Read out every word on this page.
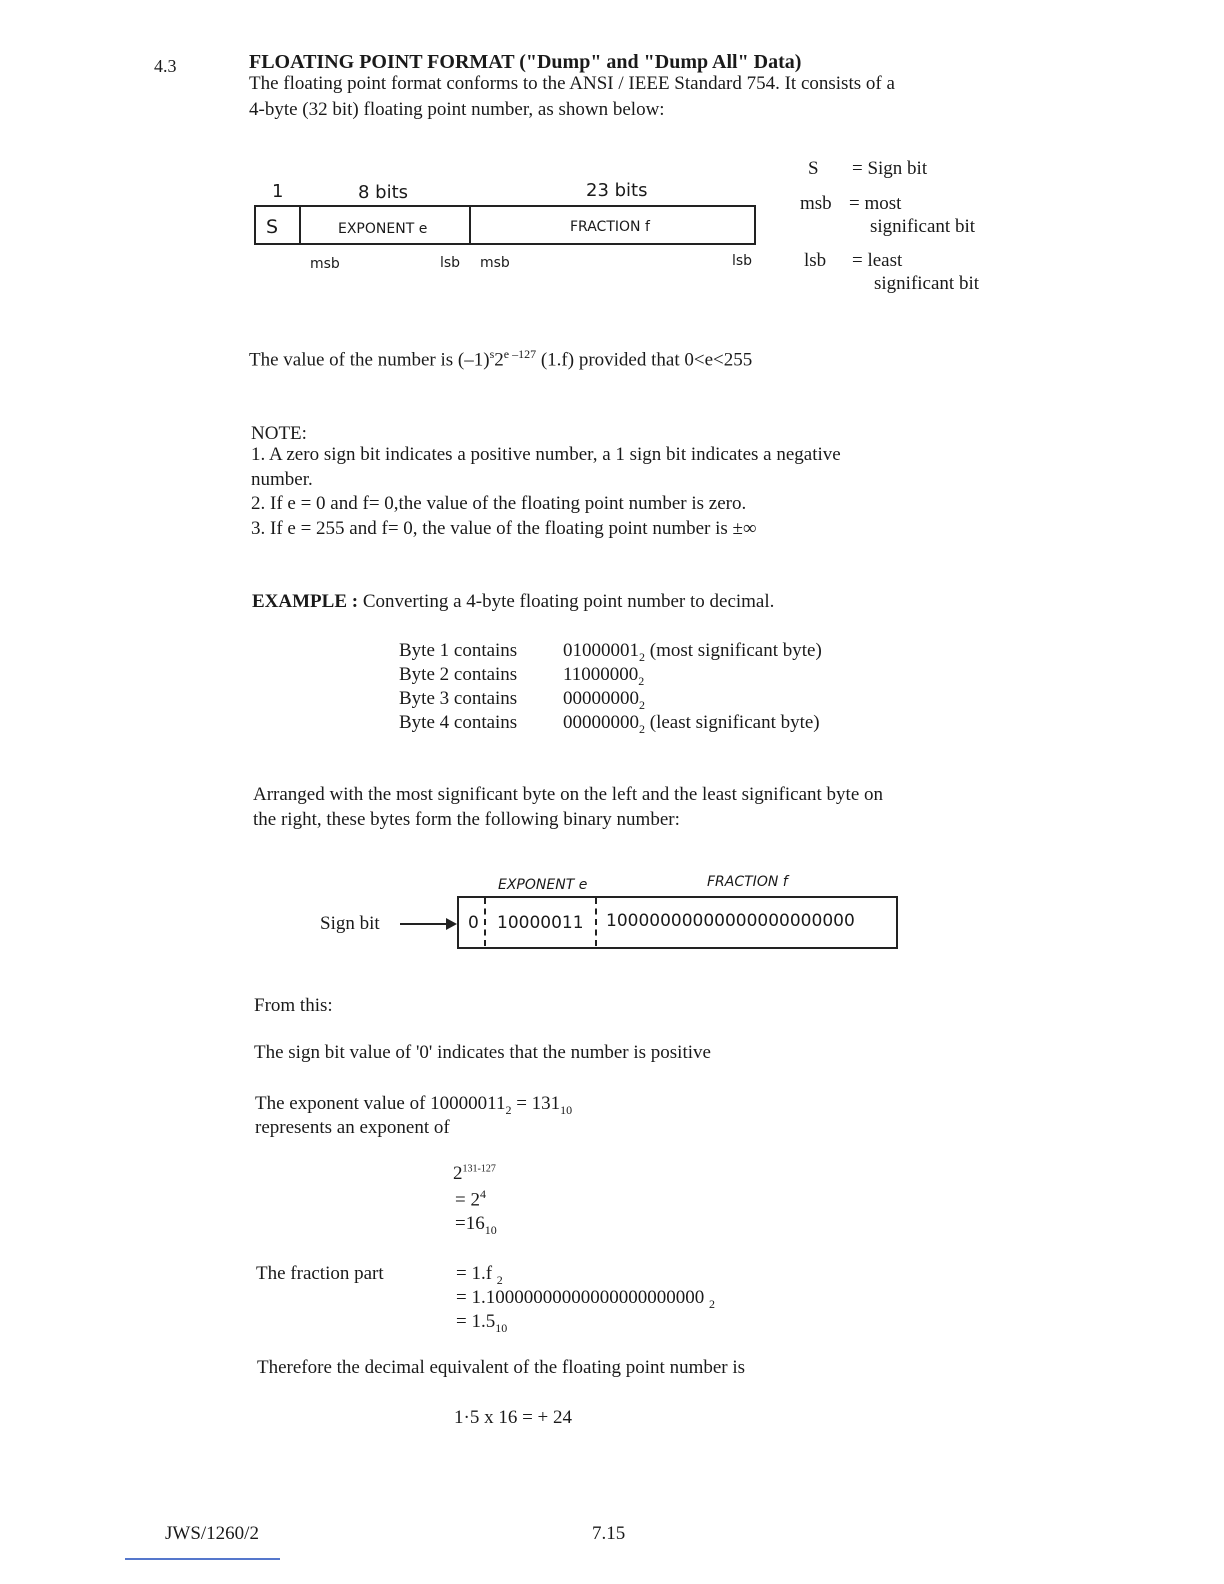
4.3	FLOATING POINT FORMAT ("Dump" and "Dump All" Data)
The floating point format conforms to the ANSI / IEEE Standard 754. It consists of a
4-byte (32 bit) floating point number, as shown below:
1	8 bits	23 bits
S	EXPONENT e	FRACTION f
msb	lsb msb	lsb
S = Sign bit
msb = most
significant bit
lsb = least
significant bit
The value of the number is $(-1)^s2^{e -127}$ (1.f) provided that 0<e<255
NOTE:
1. A zero sign bit indicates a positive number, a 1 sign bit indicates a negative
number.
2. If e = 0 and f= 0,the value of the floating point number is zero.
3. If e = 255 and f= 0, the value of the floating point number is ±∞
EXAMPLE : Converting a 4-byte floating point number to decimal.
Byte 1 contains $01000001_2$ (most significant byte)
Byte 2 contains $11000000_2$
Byte 3 contains $00000000_2$
Byte 4 contains $00000000_2$ (least significant byte)
Arranged with the most significant byte on the left and the least significant byte on
the right, these bytes form the following binary number:
EXPONENT e	FRACTION f
Sign bit	0 10000011 10000000000000000000000
From this:
The sign bit value of '0' indicates that the number is positive
The exponent value of $10000011_2 = 131_{10}$
represents an exponent of
$2^{131-127}$
= $2^4$
$=16_{10}$
The fraction part	= 1.f $_2$
= 1.10000000000000000000000 $_2$
= $1.5_{10}$
Therefore the decimal equivalent of the floating point number is
1·5 x 16 = + 24
JWS/1260/2	7.15
